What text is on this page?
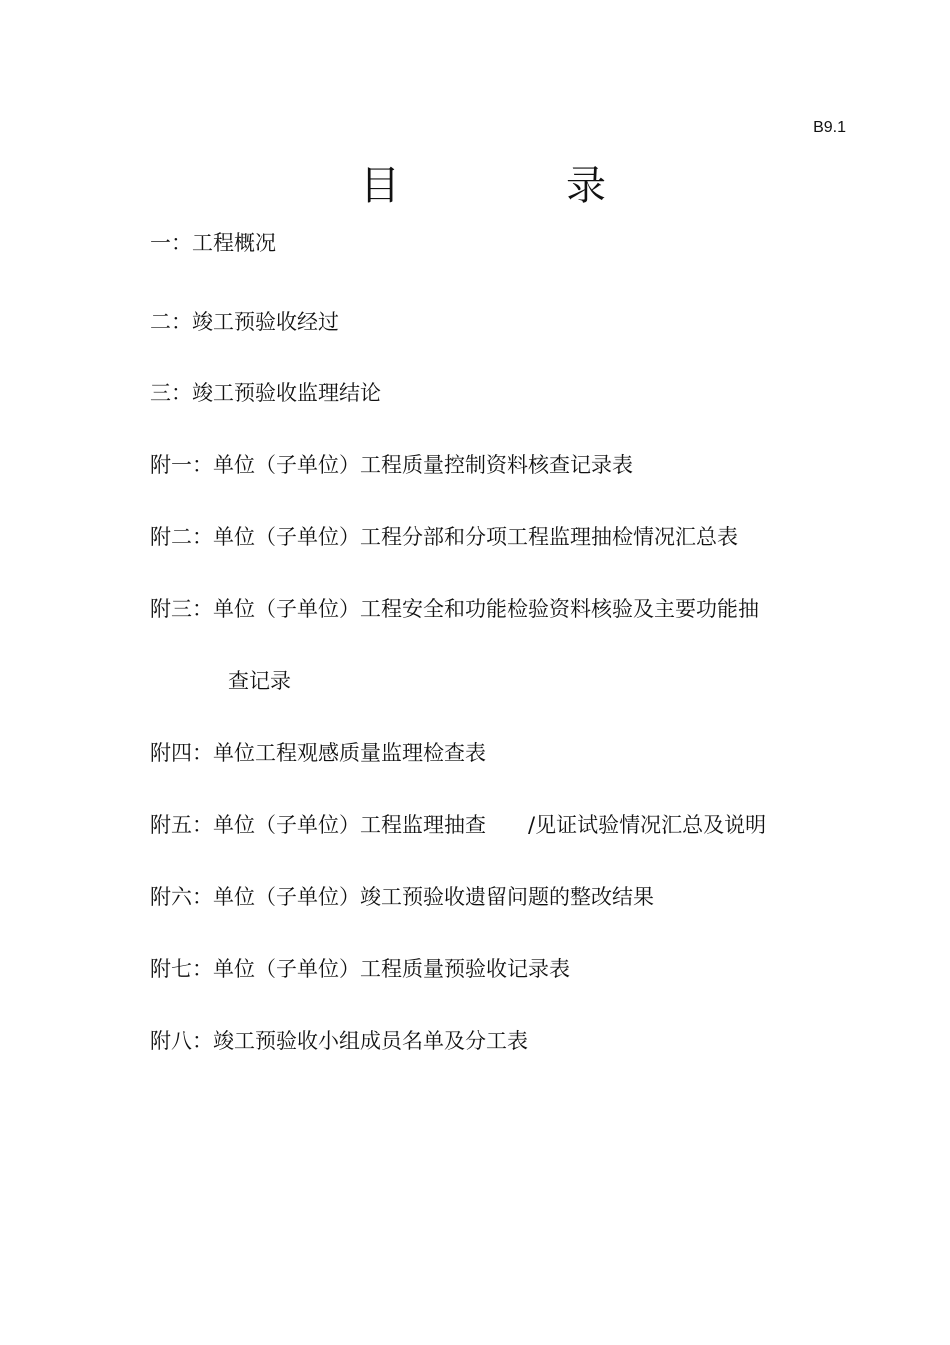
B9.1
目	录
一：工程概况
二：竣工预验收经过
三：竣工预验收监理结论
附一：单位（子单位）工程质量控制资料核查记录表
附二：单位（子单位）工程分部和分项工程监理抽检情况汇总表
附三：单位（子单位）工程安全和功能检验资料核验及主要功能抽
查记录
附四：单位工程观感质量监理检查表
附五：单位（子单位）工程监理抽查 /见证试验情况汇总及说明
附六：单位（子单位）竣工预验收遗留问题的整改结果
附七：单位（子单位）工程质量预验收记录表
附八：竣工预验收小组成员名单及分工表
